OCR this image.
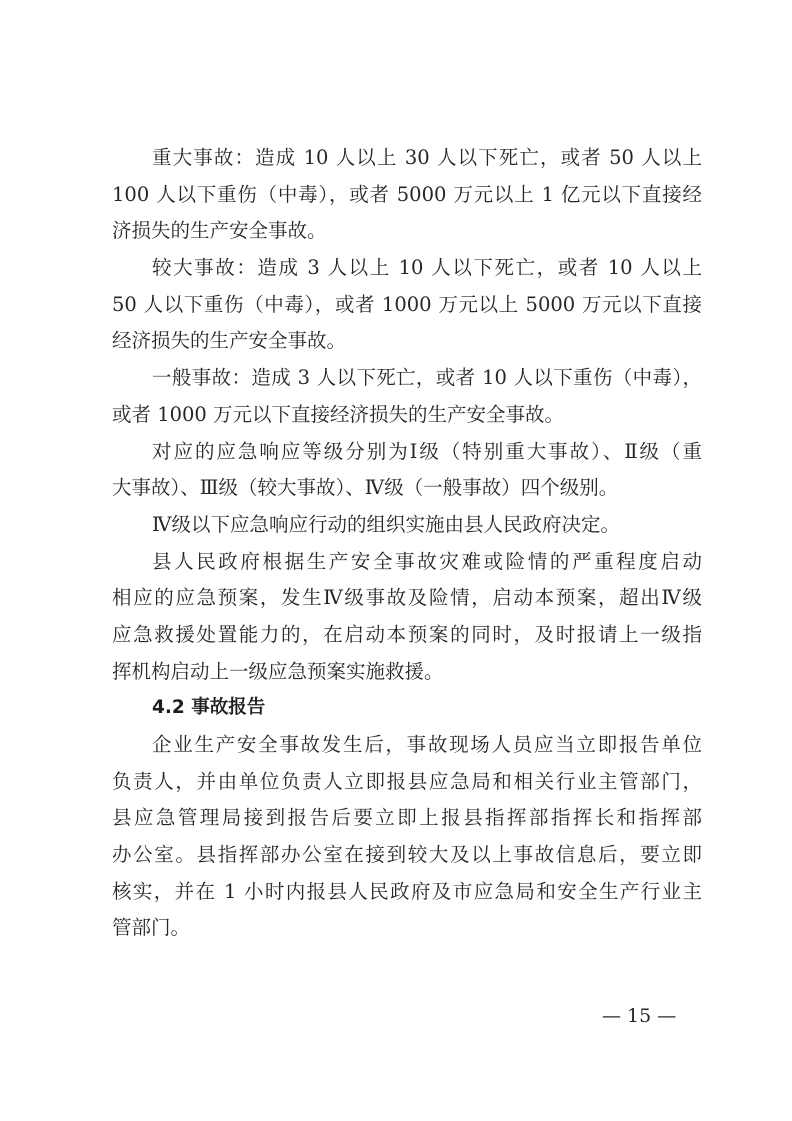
重大事故：造成 10 人以上 30 人以下死亡，或者 50 人以上
100 人以下重伤（中毒），或者 5000 万元以上 1 亿元以下直接经
济损失的生产安全事故。
较大事故：造成 3 人以上 10 人以下死亡，或者 10 人以上
50 人以下重伤（中毒），或者 1000 万元以上 5000 万元以下直接
经济损失的生产安全事故。
一般事故：造成 3 人以下死亡，或者 10 人以下重伤（中毒），
或者 1000 万元以下直接经济损失的生产安全事故。
对应的应急响应等级分别为Ⅰ级（特别重大事故）、Ⅱ级（重
大事故）、Ⅲ级（较大事故）、Ⅳ级（一般事故）四个级别。
Ⅳ级以下应急响应行动的组织实施由县人民政府决定。
县人民政府根据生产安全事故灾难或险情的严重程度启动
相应的应急预案，发生Ⅳ级事故及险情，启动本预案，超出Ⅳ级
应急救援处置能力的，在启动本预案的同时，及时报请上一级指
挥机构启动上一级应急预案实施救援。
4.2 事故报告
企业生产安全事故发生后，事故现场人员应当立即报告单位
负责人，并由单位负责人立即报县应急局和相关行业主管部门，
县应急管理局接到报告后要立即上报县指挥部指挥长和指挥部
办公室。县指挥部办公室在接到较大及以上事故信息后，要立即
核实，并在 1 小时内报县人民政府及市应急局和安全生产行业主
管部门。
— 15 —
